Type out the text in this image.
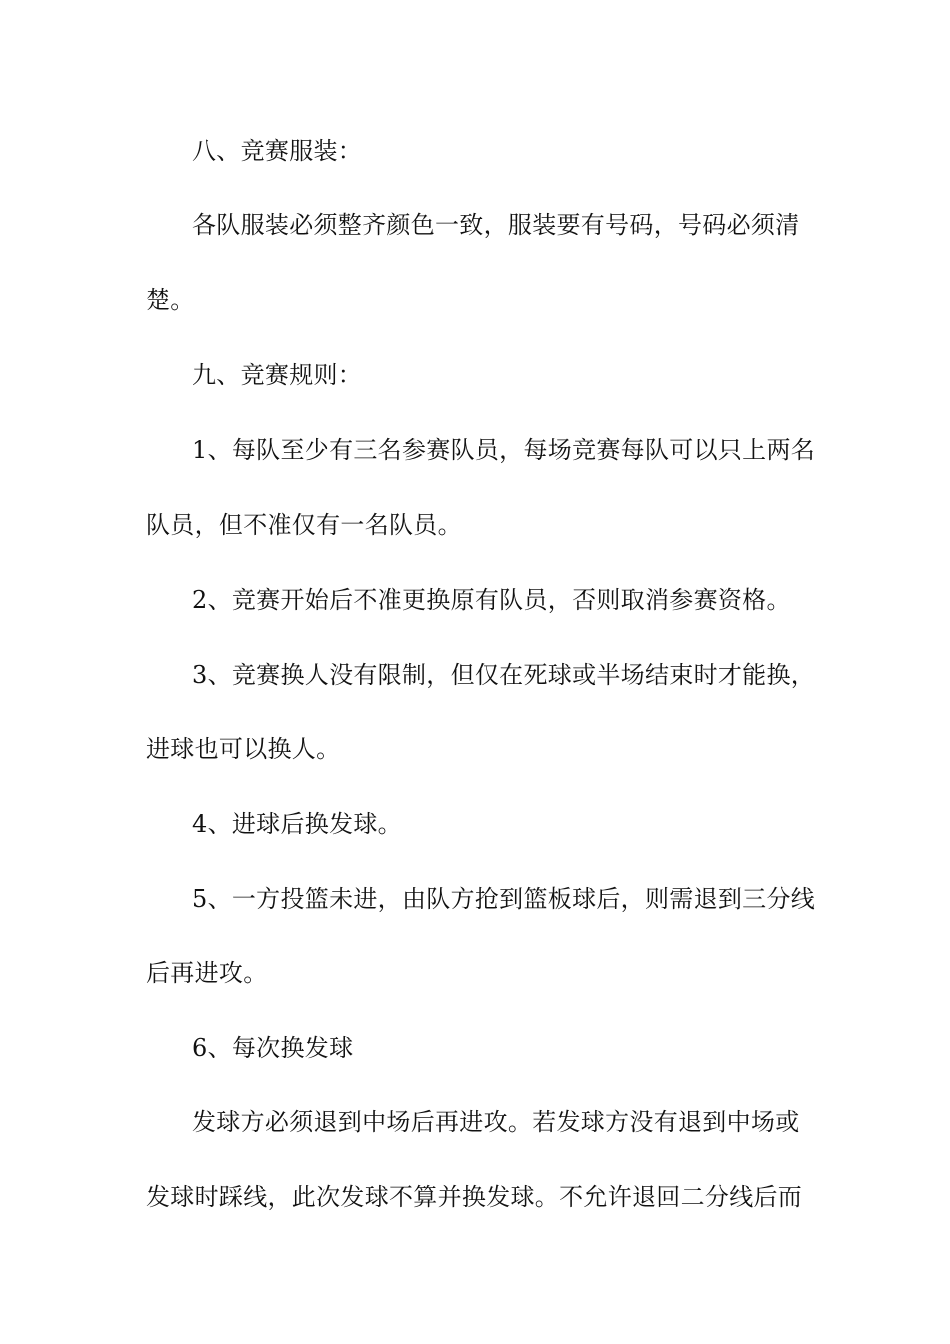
八、竞赛服装：
各队服装必须整齐颜色一致，服装要有号码，号码必须清
楚。
九、竞赛规则：
1、每队至少有三名参赛队员，每场竞赛每队可以只上两名
队员，但不准仅有一名队员。
2、竞赛开始后不准更换原有队员，否则取消参赛资格。
3、竞赛换人没有限制，但仅在死球或半场结束时才能换，
进球也可以换人。
4、进球后换发球。
5、一方投篮未进，由队方抢到篮板球后，则需退到三分线
后再进攻。
6、每次换发球
发球方必须退到中场后再进攻。若发球方没有退到中场或
发球时踩线，此次发球不算并换发球。不允许退回二分线后而
